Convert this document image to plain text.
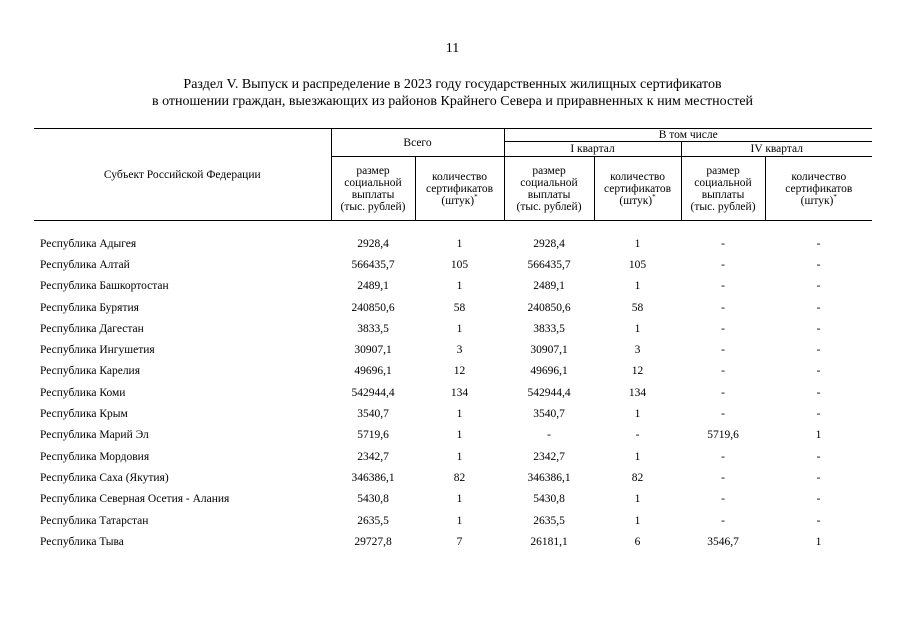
11
Раздел V. Выпуск и распределение в 2023 году государственных жилищных сертификатов
в отношении граждан, выезжающих из районов Крайнего Севера и приравненных к ним местностей
Субъект Российской Федерации	Всего		В том числе			
			I квартал		IV квартал	
	размер
социальной
выплаты
(тыс. рублей)	количество
сертификатов
(штук)*	размер
социальной
выплаты
(тыс. рублей)	количество
сертификатов
(штук)*	размер
социальной
выплаты
(тыс. рублей)	количество
сертификатов
(штук)*

Республика Адыгея	2928,4	1	2928,4	1	-	-
Республика Алтай	566435,7	105	566435,7	105	-	-
Республика Башкортостан	2489,1	1	2489,1	1	-	-
Республика Бурятия	240850,6	58	240850,6	58	-	-
Республика Дагестан	3833,5	1	3833,5	1	-	-
Республика Ингушетия	30907,1	3	30907,1	3	-	-
Республика Карелия	49696,1	12	49696,1	12	-	-
Республика Коми	542944,4	134	542944,4	134	-	-
Республика Крым	3540,7	1	3540,7	1	-	-
Республика Марий Эл	5719,6	1	-	-	5719,6	1
Республика Мордовия	2342,7	1	2342,7	1	-	-
Республика Саха (Якутия)	346386,1	82	346386,1	82	-	-
Республика Северная Осетия - Алания	5430,8	1	5430,8	1	-	-
Республика Татарстан	2635,5	1	2635,5	1	-	-
Республика Тыва	29727,8	7	26181,1	6	3546,7	1
